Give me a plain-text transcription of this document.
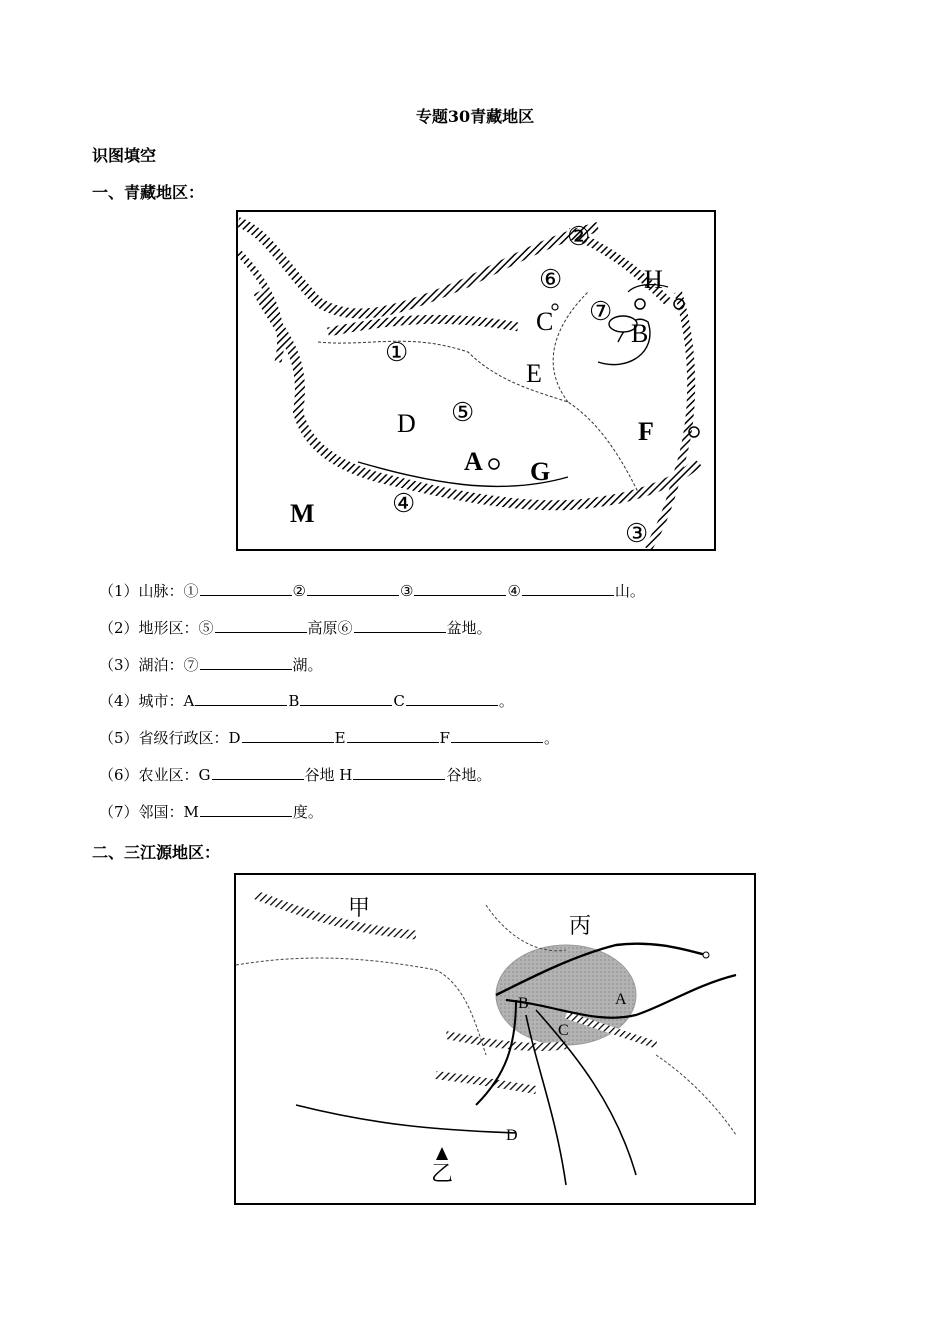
专题30青藏地区
识图填空
一、青藏地区：
①
②
③
④
⑤
⑥
⑦
A
B
C
D
E
F
G
H
M
（1）山脉：①	②	③	④	山。
（2）地形区：⑤	高原⑥	盆地。
（3）湖泊：⑦	湖。
（4）城市：A	B	C	。
（5）省级行政区：D	E	F	。
（6）农业区：G	谷地 H	谷地。
（7）邻国：M	度。
二、三江源地区：
甲
丙
乙
A
B
C
D
